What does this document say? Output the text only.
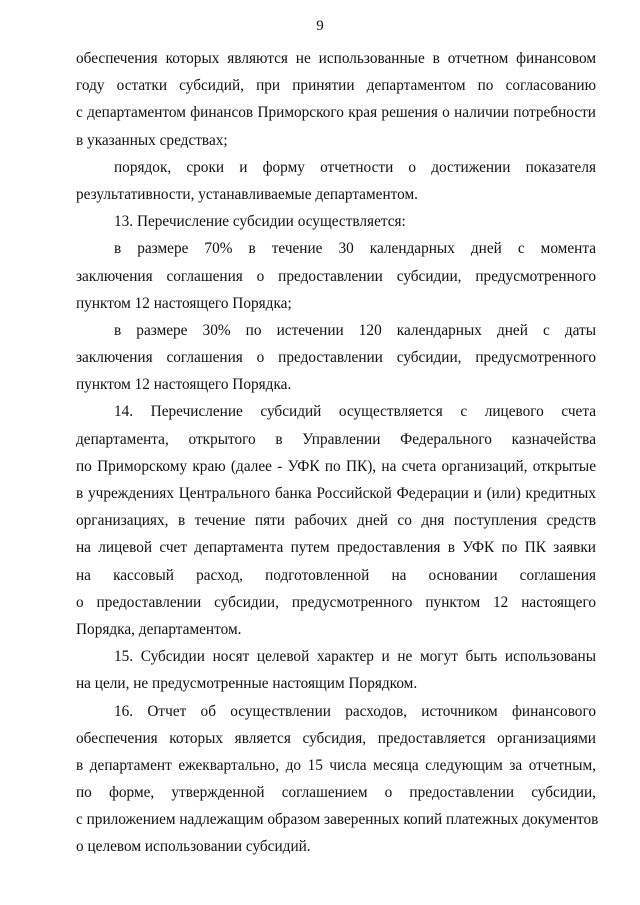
9
обеспечения которых являются не использованные в отчетном финансовом
году остатки субсидий, при принятии департаментом по согласованию
с департаментом финансов Приморского края решения о наличии потребности
в указанных средствах;
порядок, сроки и форму отчетности о достижении показателя
результативности, устанавливаемые департаментом.
13. Перечисление субсидии осуществляется:
в размере 70% в течение 30 календарных дней с момента
заключения соглашения о предоставлении субсидии, предусмотренного
пунктом 12 настоящего Порядка;
в размере 30% по истечении 120 календарных дней с даты
заключения соглашения о предоставлении субсидии, предусмотренного
пунктом 12 настоящего Порядка.
14. Перечисление субсидий осуществляется с лицевого счета
департамента, открытого в Управлении Федерального казначейства
по Приморскому краю (далее - УФК по ПК), на счета организаций, открытые
в учреждениях Центрального банка Российской Федерации и (или) кредитных
организациях, в течение пяти рабочих дней со дня поступления средств
на лицевой счет департамента путем предоставления в УФК по ПК заявки
на кассовый расход, подготовленной на основании соглашения
о предоставлении субсидии, предусмотренного пунктом 12 настоящего
Порядка, департаментом.
15. Субсидии носят целевой характер и не могут быть использованы
на цели, не предусмотренные настоящим Порядком.
16. Отчет об осуществлении расходов, источником финансового
обеспечения которых является субсидия, предоставляется организациями
в департамент ежеквартально, до 15 числа месяца следующим за отчетным,
по форме, утвержденной соглашением о предоставлении субсидии,
с приложением надлежащим образом заверенных копий платежных документов
о целевом использовании субсидий.
